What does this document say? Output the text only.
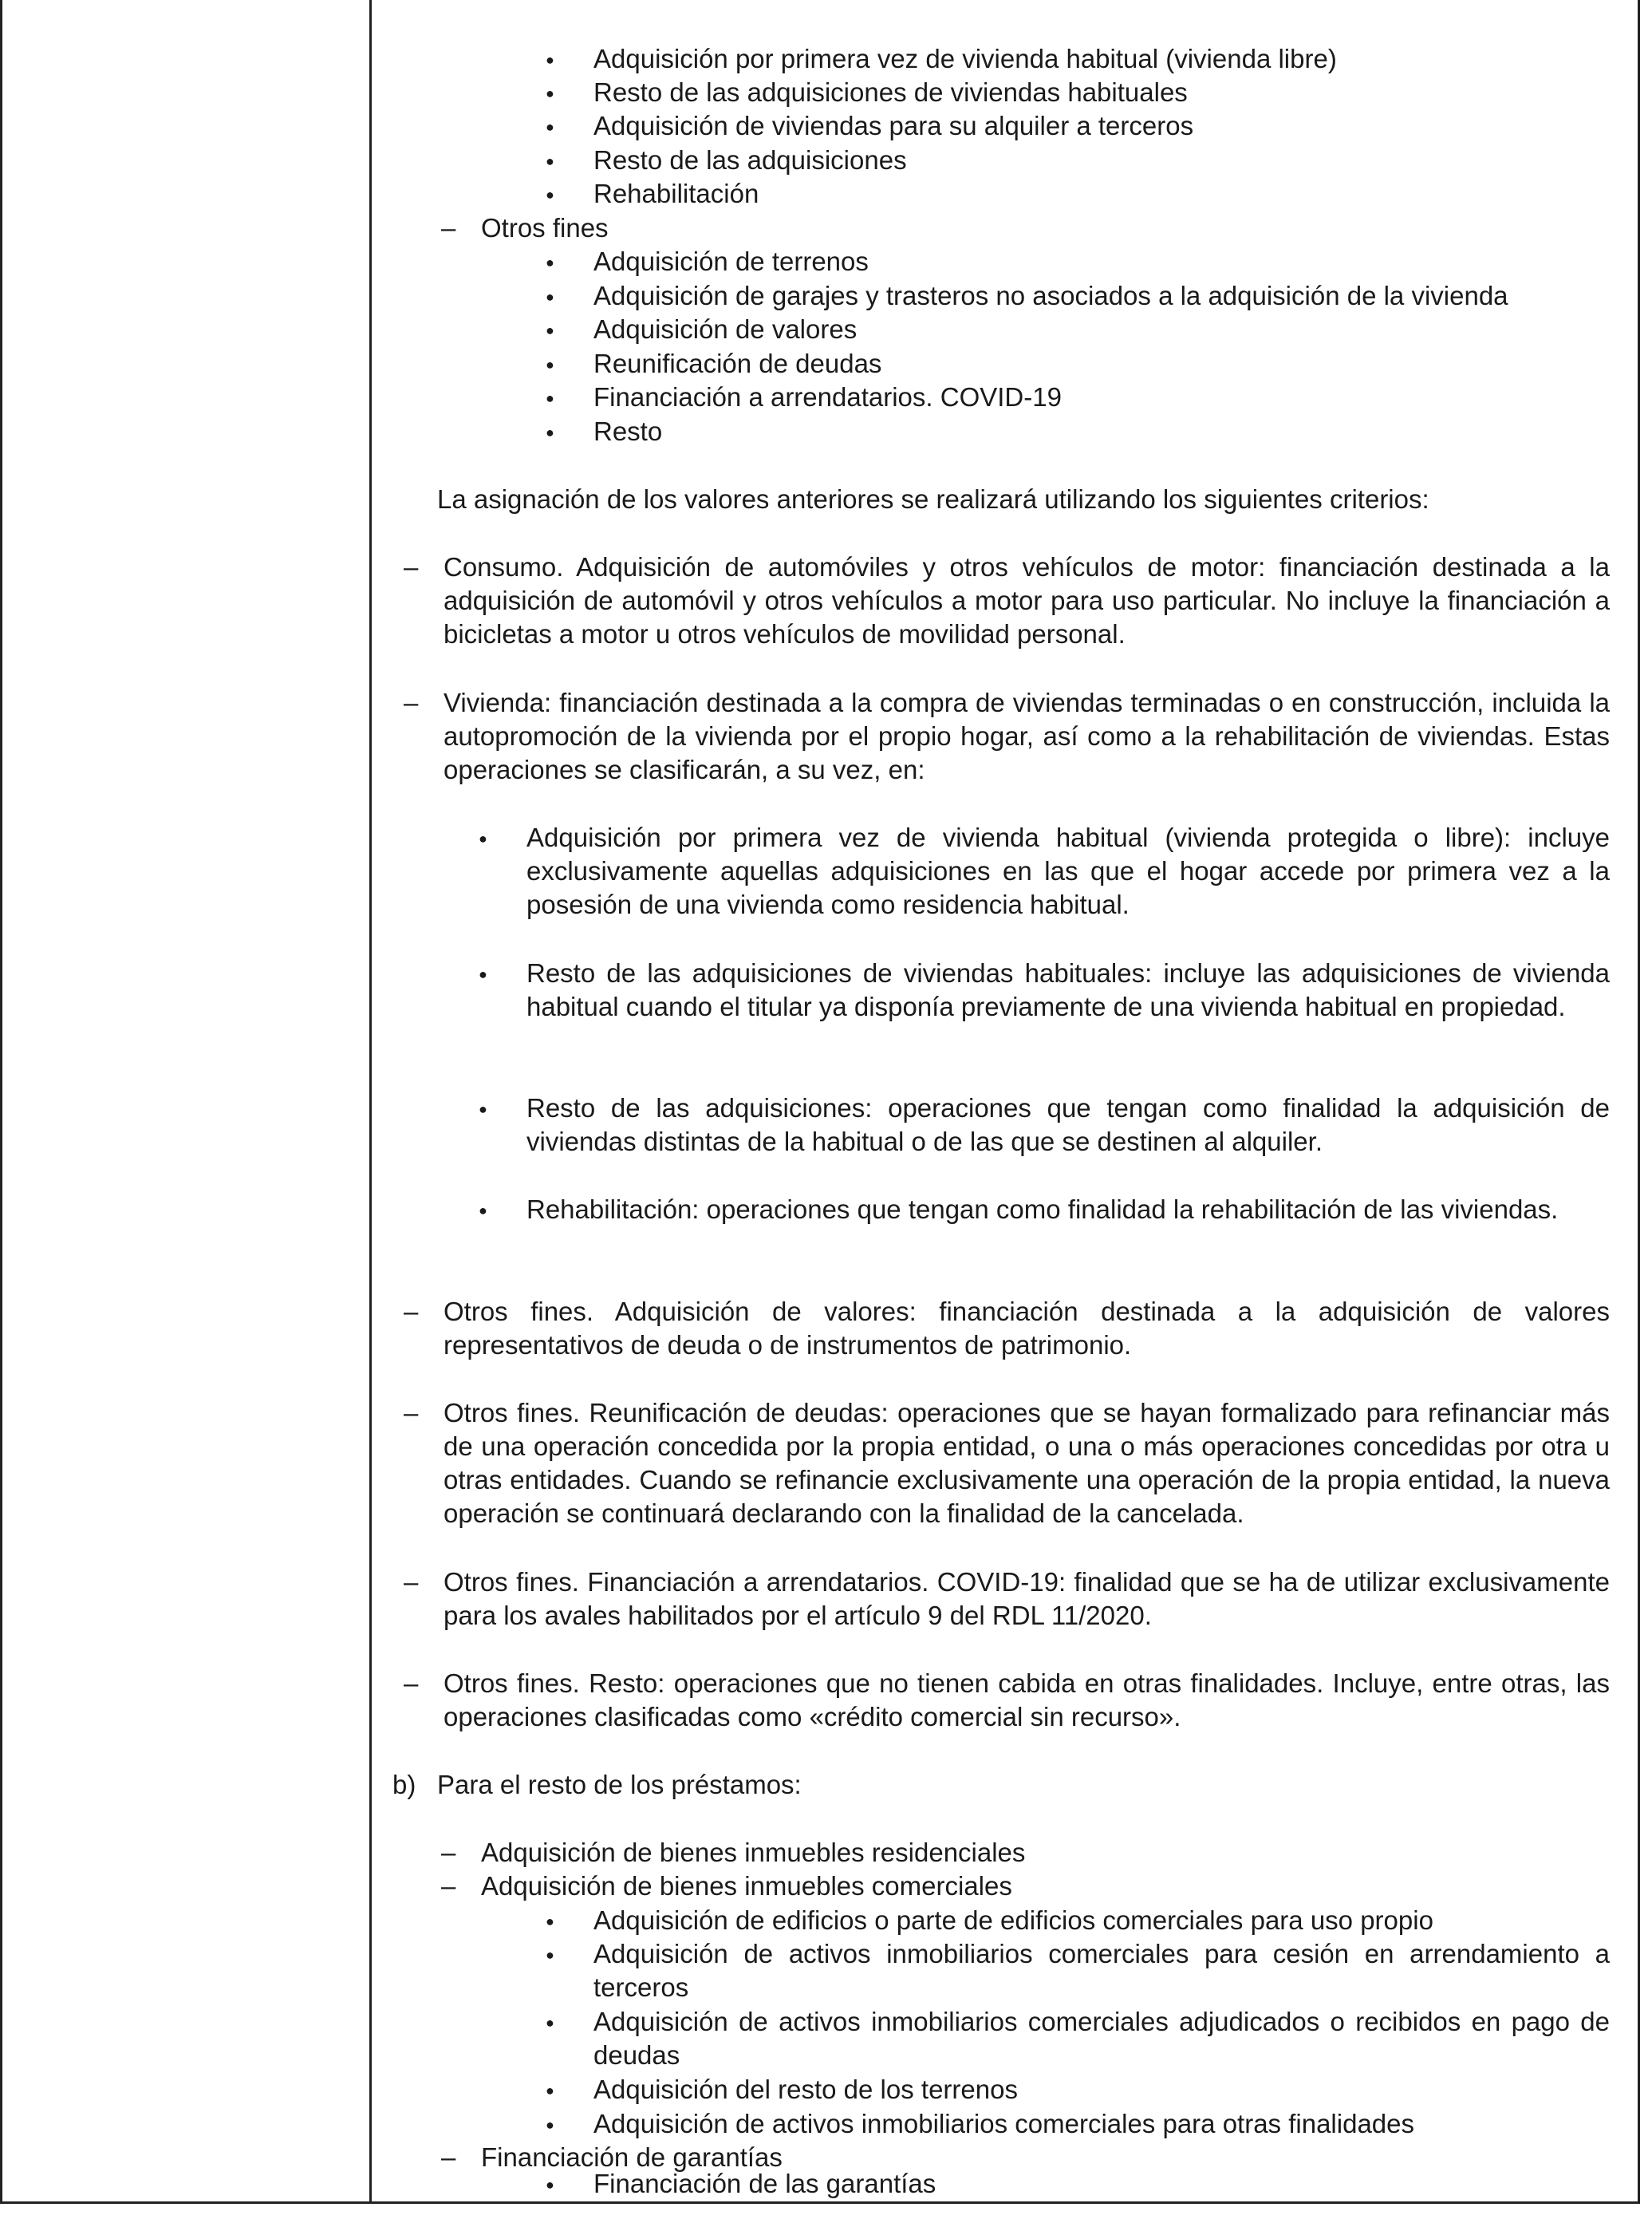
● Adquisición por primera vez de vivienda habitual (vivienda libre)
● Resto de las adquisiciones de viviendas habituales
● Adquisición de viviendas para su alquiler a terceros
● Resto de las adquisiciones
● Rehabilitación
– Otros fines
● Adquisición de terrenos
● Adquisición de garajes y trasteros no asociados a la adquisición de la vivienda
● Adquisición de valores
● Reunificación de deudas
● Financiación a arrendatarios. COVID-19
● Resto
La asignación de los valores anteriores se realizará utilizando los siguientes criterios:
– Consumo. Adquisición de automóviles y otros vehículos de motor: financiación destinada a la adquisición de automóvil y otros vehículos a motor para uso particular. No incluye la financiación a bicicletas a motor u otros vehículos de movilidad personal.
– Vivienda: financiación destinada a la compra de viviendas terminadas o en construcción, incluida la autopromoción de la vivienda por el propio hogar, así como a la rehabilitación de viviendas. Estas operaciones se clasificarán, a su vez, en:
● Adquisición por primera vez de vivienda habitual (vivienda protegida o libre): incluye exclusivamente aquellas adquisiciones en las que el hogar accede por primera vez a la posesión de una vivienda como residencia habitual.
● Resto de las adquisiciones de viviendas habituales: incluye las adquisiciones de vivienda habitual cuando el titular ya disponía previamente de una vivienda habitual en propiedad.
● Resto de las adquisiciones: operaciones que tengan como finalidad la adquisición de viviendas distintas de la habitual o de las que se destinen al alquiler.
● Rehabilitación: operaciones que tengan como finalidad la rehabilitación de las viviendas.
– Otros fines. Adquisición de valores: financiación destinada a la adquisición de valores representativos de deuda o de instrumentos de patrimonio.
– Otros fines. Reunificación de deudas: operaciones que se hayan formalizado para refinanciar más de una operación concedida por la propia entidad, o una o más operaciones concedidas por otra u otras entidades. Cuando se refinancie exclusivamente una operación de la propia entidad, la nueva operación se continuará declarando con la finalidad de la cancelada.
– Otros fines. Financiación a arrendatarios. COVID-19: finalidad que se ha de utilizar exclusivamente para los avales habilitados por el artículo 9 del RDL 11/2020.
– Otros fines. Resto: operaciones que no tienen cabida en otras finalidades. Incluye, entre otras, las operaciones clasificadas como «crédito comercial sin recurso».
b) Para el resto de los préstamos:
– Adquisición de bienes inmuebles residenciales
– Adquisición de bienes inmuebles comerciales
● Adquisición de edificios o parte de edificios comerciales para uso propio
● Adquisición de activos inmobiliarios comerciales para cesión en arrendamiento a terceros
● Adquisición de activos inmobiliarios comerciales adjudicados o recibidos en pago de deudas
● Adquisición del resto de los terrenos
● Adquisición de activos inmobiliarios comerciales para otras finalidades
– Financiación de garantías
● Financiación de las garantías
